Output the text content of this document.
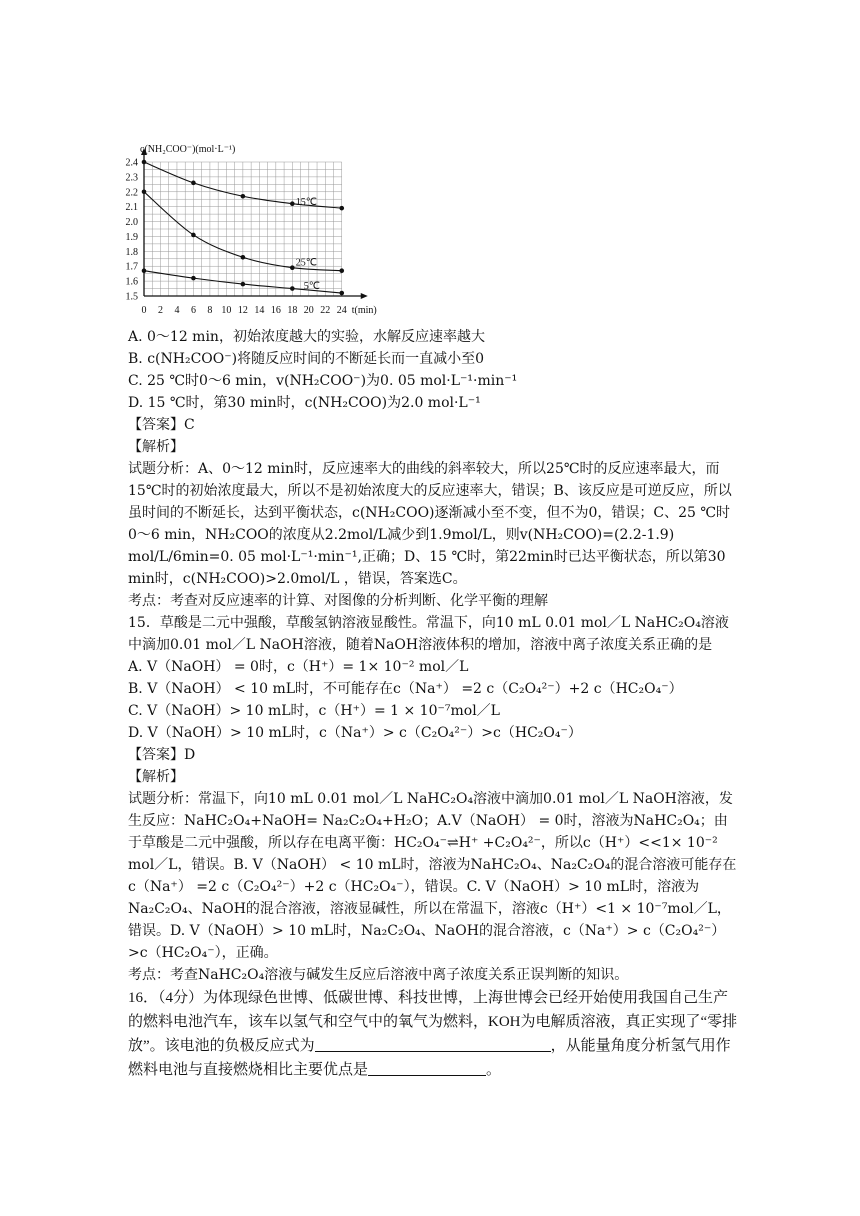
2.4
2.3
2.2
2.1
2.0
1.9
1.8
1.7
1.6
1.5
0 2 4 6 8 10 12 14 16 18 20 22 24 t(min)
c(NH₂COO⁻)(mol·L⁻¹)
15℃
25℃
5℃
A. 0～12 min，初始浓度越大的实验，水解反应速率越大
B. c(NH₂COO⁻)将随反应时间的不断延长而一直减小至0
C. 25 ℃时0～6 min，v(NH₂COO⁻)为0. 05 mol·L⁻¹·min⁻¹
D. 15 ℃时，第30 min时，c(NH₂COO)为2.0 mol·L⁻¹
【答案】C
【解析】
试题分析：A、0～12 min时，反应速率大的曲线的斜率较大，所以25℃时的反应速率最大，而15℃时的初始浓度最大，所以不是初始浓度大的反应速率大，错误；B、该反应是可逆反应，所以虽时间的不断延长，达到平衡状态，c(NH₂COO)逐渐减小至不变，但不为0，错误；C、25 ℃时0～6 min，NH₂COO的浓度从2.2mol/L减少到1.9mol/L，则v(NH₂COO)=(2.2-1.9) mol/L/6min=0. 05 mol·L⁻¹·min⁻¹,正确；D、15 ℃时，第22min时已达平衡状态，所以第30 min时，c(NH₂COO)>2.0mol/L ，错误，答案选C。
考点：考查对反应速率的计算、对图像的分析判断、化学平衡的理解
15．草酸是二元中强酸，草酸氢钠溶液显酸性。常温下，向10 mL 0.01 mol／L NaHC₂O₄溶液中滴加0.01 mol／L NaOH溶液，随着NaOH溶液体积的增加，溶液中离子浓度关系正确的是
A. V（NaOH） = 0时，c（H⁺）= 1× 10⁻² mol／L
B. V（NaOH） < 10 mL时，不可能存在c（Na⁺） =2 c（C₂O₄²⁻）+2 c（HC₂O₄⁻）
C. V（NaOH）> 10 mL时，c（H⁺）= 1 × 10⁻⁷mol／L
D. V（NaOH）> 10 mL时，c（Na⁺）> c（C₂O₄²⁻）>c（HC₂O₄⁻）
【答案】D
【解析】
试题分析：常温下，向10 mL 0.01 mol／L NaHC₂O₄溶液中滴加0.01 mol／L NaOH溶液，发生反应：NaHC₂O₄+NaOH= Na₂C₂O₄+H₂O；A.V（NaOH） = 0时，溶液为NaHC₂O₄；由于草酸是二元中强酸，所以存在电离平衡：HC₂O₄⁻⇌H⁺ +C₂O₄²⁻，所以c（H⁺）<<1× 10⁻² mol／L，错误。B. V（NaOH） < 10 mL时，溶液为NaHC₂O₄、Na₂C₂O₄的混合溶液可能存在c（Na⁺） =2 c（C₂O₄²⁻）+2 c（HC₂O₄⁻），错误。C. V（NaOH）> 10 mL时，溶液为Na₂C₂O₄、NaOH的混合溶液，溶液显碱性，所以在常温下，溶液c（H⁺）<1 × 10⁻⁷mol／L，错误。D. V（NaOH）> 10 mL时，Na₂C₂O₄、NaOH的混合溶液，c（Na⁺）> c（C₂O₄²⁻）>c（HC₂O₄⁻），正确。
考点：考查NaHC₂O₄溶液与碱发生反应后溶液中离子浓度关系正误判断的知识。
16．（4分）为体现绿色世博、低碳世博、科技世博，上海世博会已经开始使用我国自己生产的燃料电池汽车，该车以氢气和空气中的氧气为燃料，KOH为电解质溶液，真正实现了“零排放”。该电池的负极反应式为	，从能量角度分析氢气用作燃料电池与直接燃烧相比主要优点是	。
